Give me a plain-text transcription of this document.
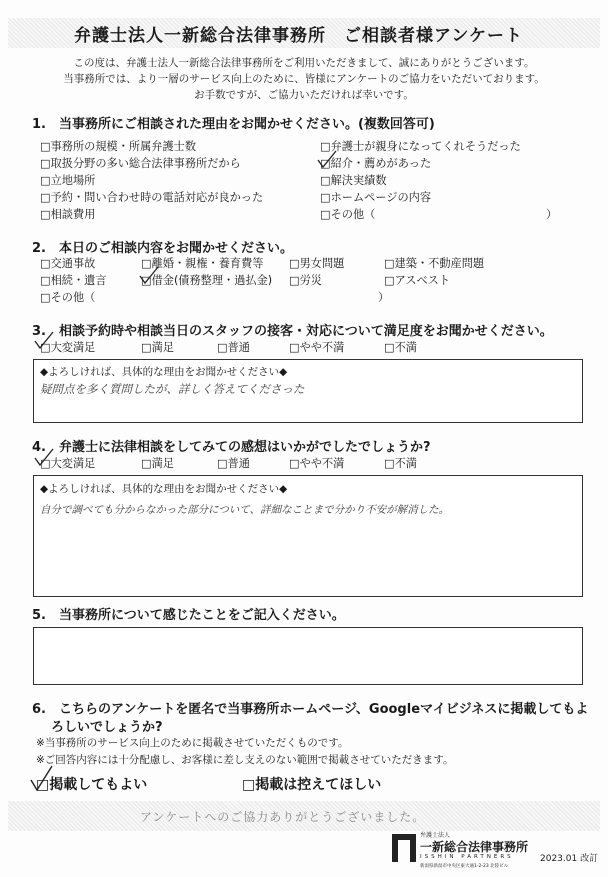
弁護士法人一新総合法律事務所　ご相談者様アンケート
この度は、弁護士法人一新総合法律事務所をご利用いただきまして、誠にありがとうございます。
当事務所では、より一層のサービス向上のために、皆様にアンケートのご協力をいただいております。
お手数ですが、ご協力いただければ幸いです。
1.　当事務所にご相談された理由をお聞かせください。(複数回答可)
□事務所の規模・所属弁護士数
□取扱分野の多い総合法律事務所だから
□立地場所
□予約・問い合わせ時の電話対応が良かった
□相談費用
□弁護士が親身になってくれそうだった
□紹介・薦めがあった
□解決実績数
□ホームページの内容
□その他（	）
2.　本日のご相談内容をお聞かせください。
□交通事故	□離婚・親権・養育費等 □男女問題	□建築・不動産問題
□相続・遺言	□借金(債務整理・過払金) □労災	□アスベスト
□その他（	）
3.　相談予約時や相談当日のスタッフの接客・対応について満足度をお聞かせください。
□大変満足	□満足	□普通	□やや不満	□不満
◆よろしければ、具体的な理由をお聞かせください◆
疑問点を多く質問したが、詳しく答えてくださった
4.　弁護士に法律相談をしてみての感想はいかがでしたでしょうか?
□大変満足	□満足	□普通	□やや不満	□不満
◆よろしければ、具体的な理由をお聞かせください◆
自分で調べても分からなかった部分について、詳細なことまで分かり不安が解消した。
5.　当事務所について感じたことをご記入ください。
6.　こちらのアンケートを匿名で当事務所ホームページ、Googleマイビジネスに掲載してもよ
ろしいでしょうか?
※当事務所のサービス向上のために掲載させていただくものです。
※ご回答内容には十分配慮し、お客様に差し支えのない範囲で掲載させていただきます。
□掲載してもよい	□掲載は控えてほしい
アンケートへのご協力ありがとうございました。
弁護士法人
一新総合法律事務所
ISSHIN PARTNERS
新潟県新潟市中央区東大通1-2-23 北陸ビル
2023.01 改訂
